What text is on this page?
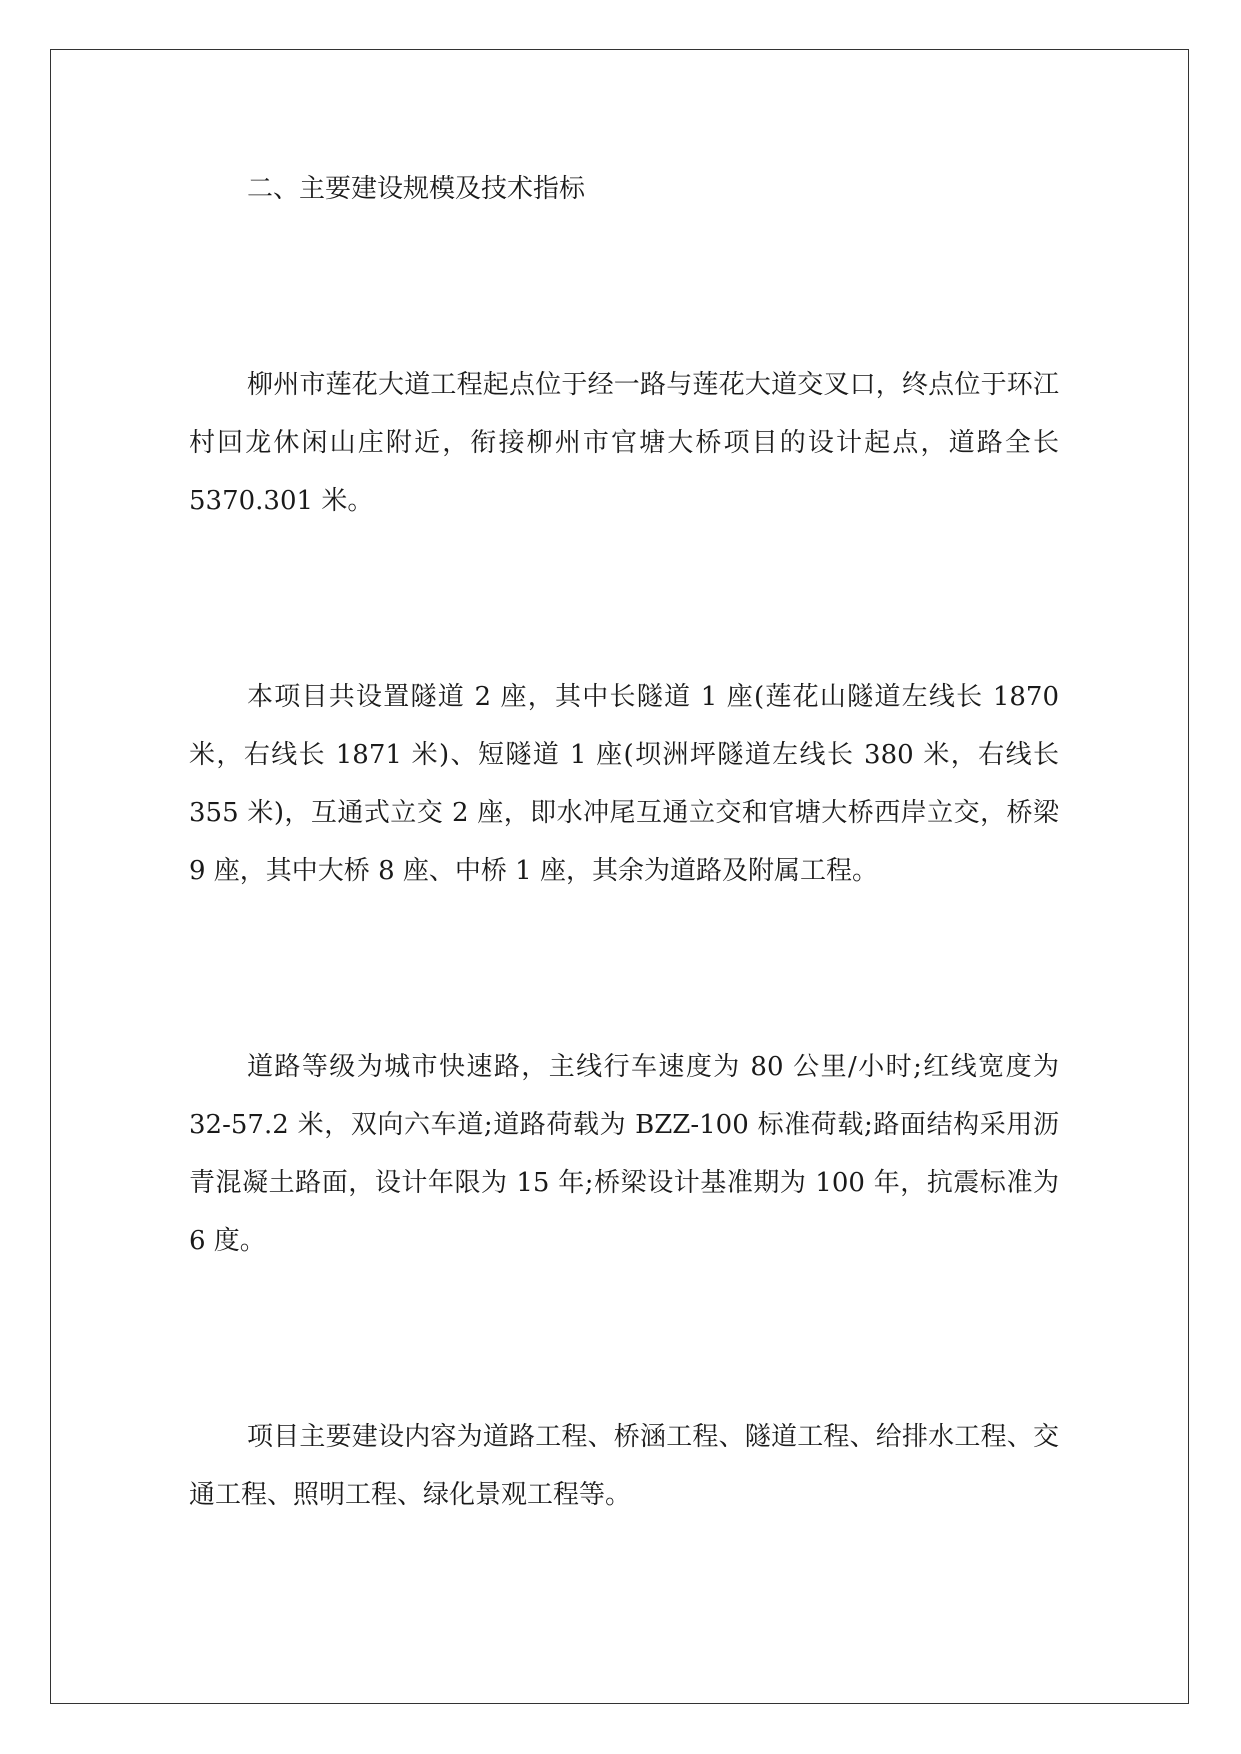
二、主要建设规模及技术指标

柳州市莲花大道工程起点位于经一路与莲花大道交叉口，终点位于环江村回龙休闲山庄附近，衔接柳州市官塘大桥项目的设计起点，道路全长 5370.301 米。

本项目共设置隧道 2 座，其中长隧道 1 座(莲花山隧道左线长 1870 米，右线长 1871 米)、短隧道 1 座(坝洲坪隧道左线长 380 米，右线长 355 米)，互通式立交 2 座，即水冲尾互通立交和官塘大桥西岸立交，桥梁 9 座，其中大桥 8 座、中桥 1 座，其余为道路及附属工程。

道路等级为城市快速路，主线行车速度为 80 公里/小时;红线宽度为 32-57.2 米，双向六车道;道路荷载为 BZZ-100 标准荷载;路面结构采用沥青混凝土路面，设计年限为 15 年;桥梁设计基准期为 100 年，抗震标准为 6 度。

项目主要建设内容为道路工程、桥涵工程、隧道工程、给排水工程、交通工程、照明工程、绿化景观工程等。
